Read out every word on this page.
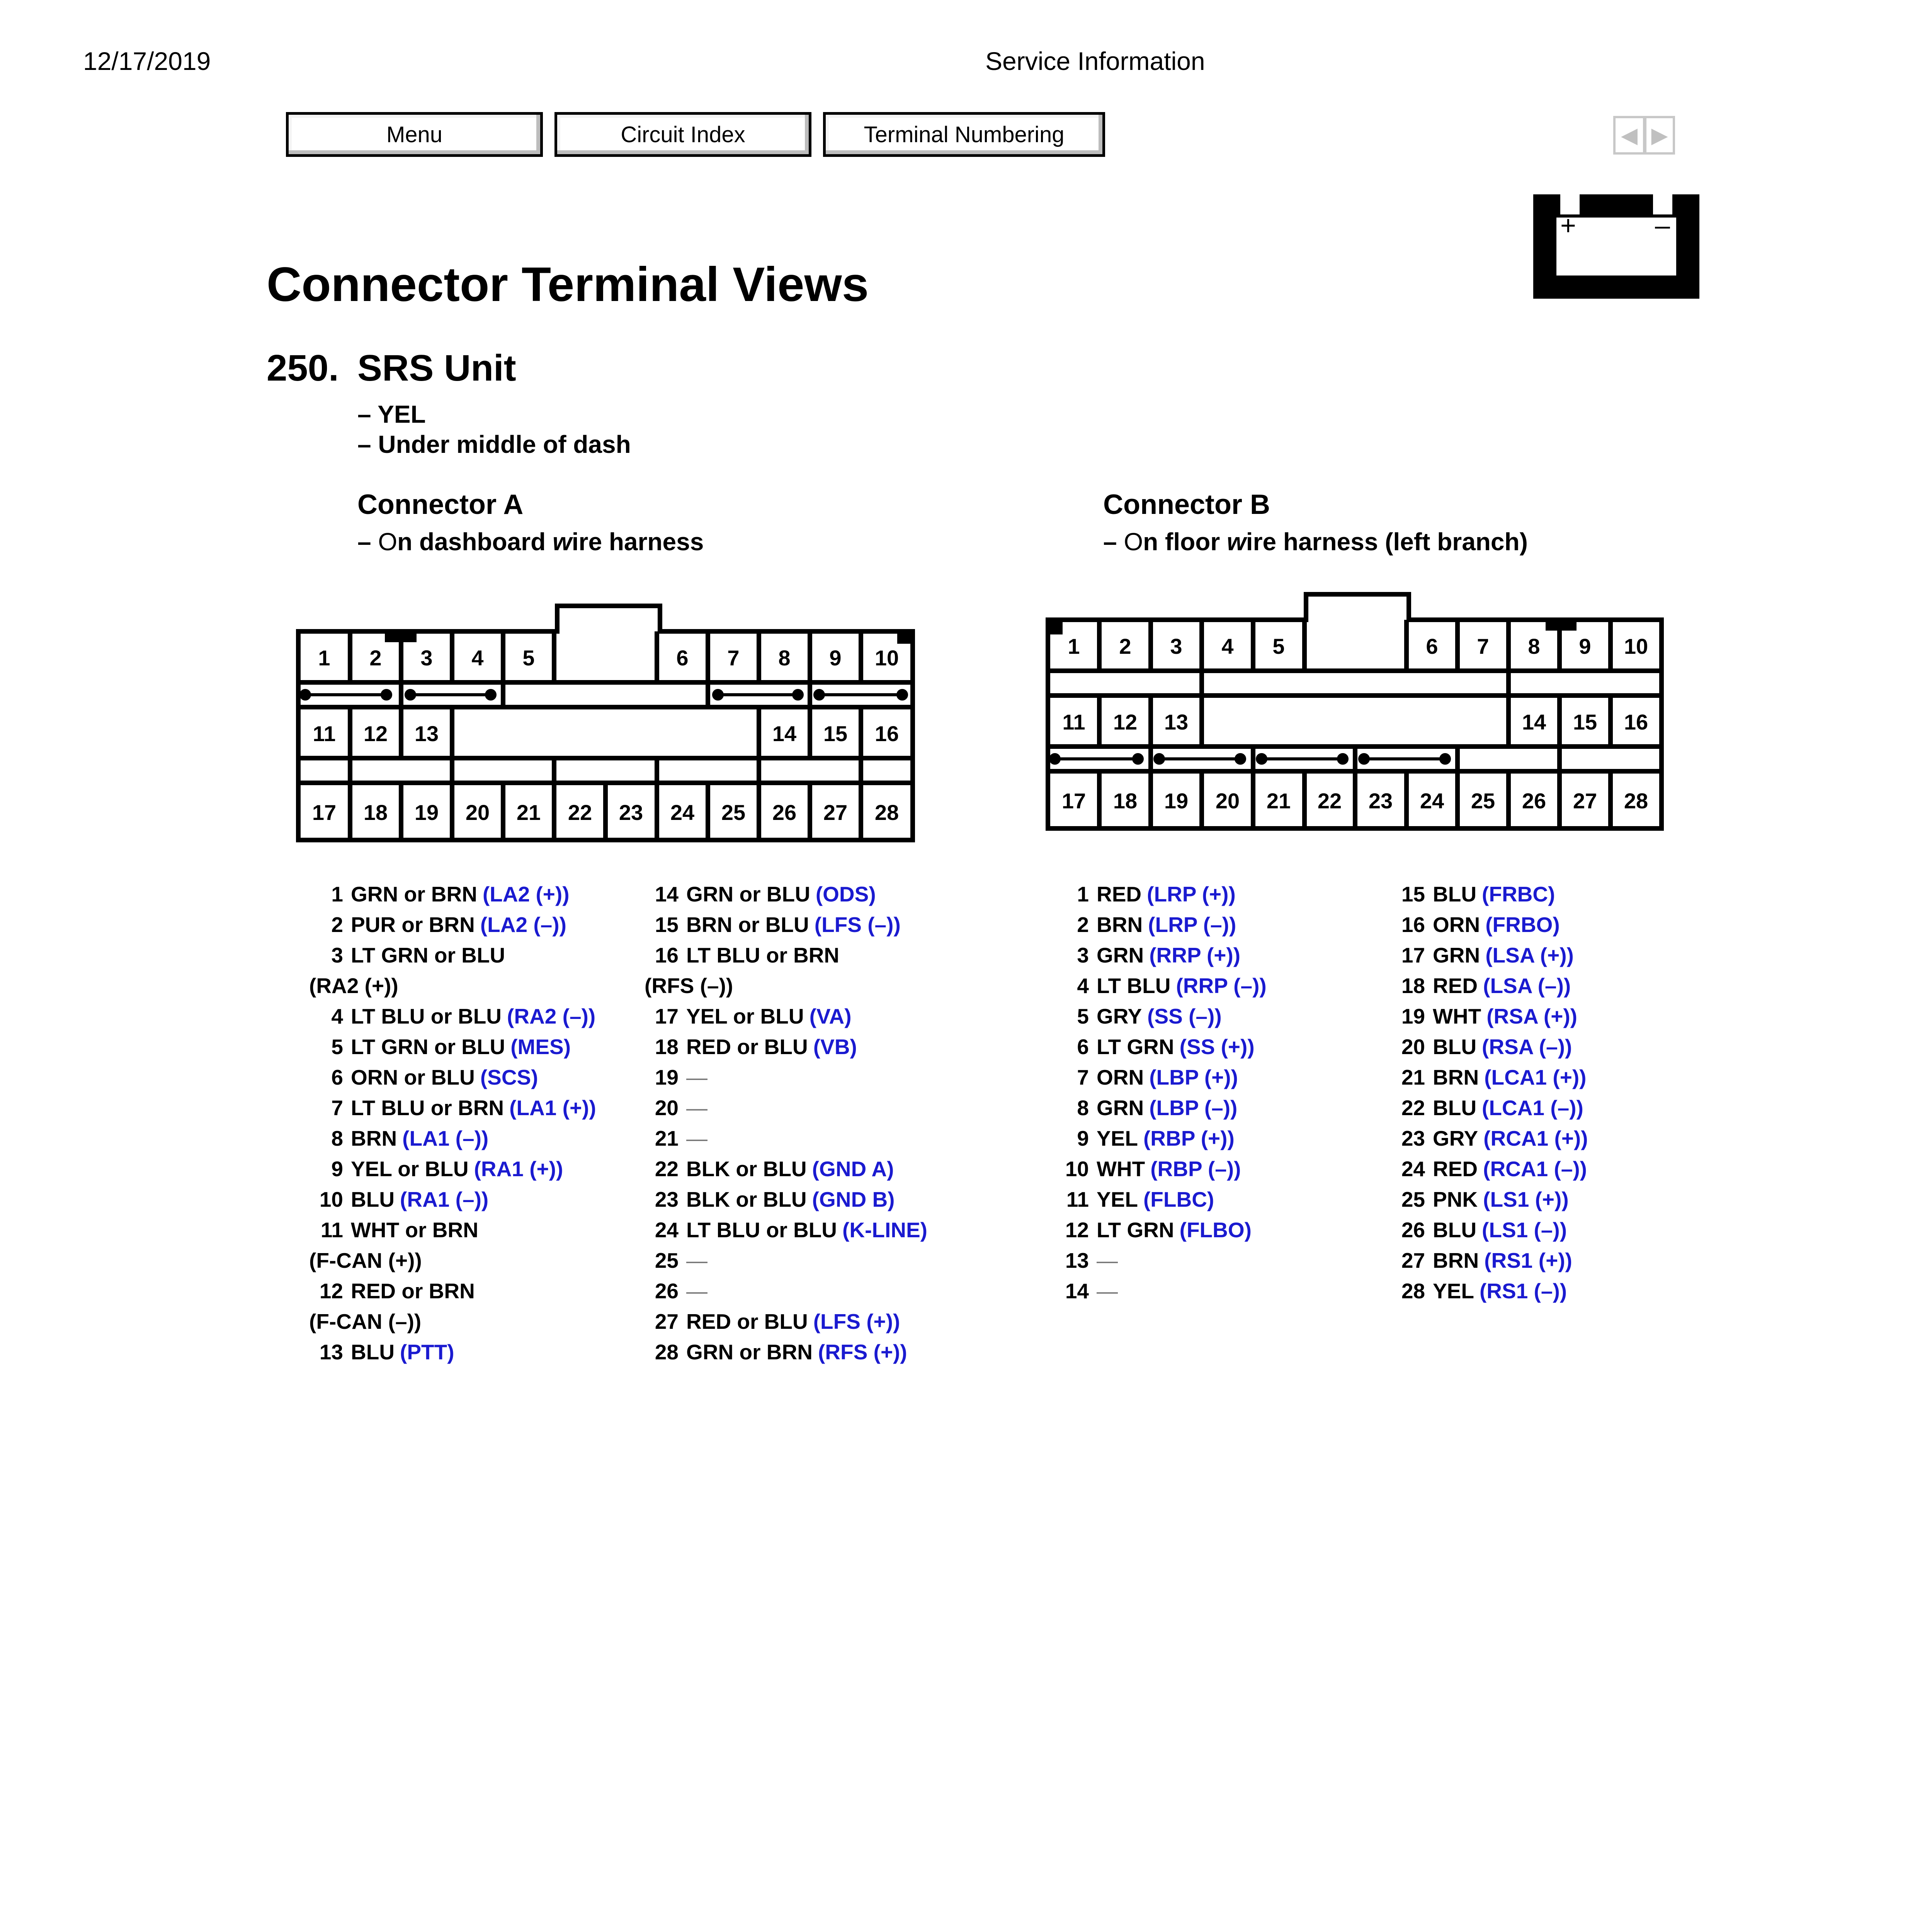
12/17/2019	Service Information
Menu	Circuit Index	Terminal Numbering	◀ ▶
+	–
Connector Terminal Views
250. SRS Unit
– YEL
– Under middle of dash
Connector A
– On dashboard wire harness
Connector B
– On floor wire harness (left branch)
1 2 3 4 5	6 7 8 9 10
11 12 13	14 15 16
17 18 19 20 21 22 23 24 25 26 27 28
1 2 3 4 5	6 7 8 9 10
11 12 13	14 15 16
17 18 19 20 21 22 23 24 25 26 27 28
1 GRN or BRN (LA2 (+))
2 PUR or BRN (LA2 (–))
3 LT GRN or BLU
(RA2 (+))
4 LT BLU or BLU (RA2 (–))
5 LT GRN or BLU (MES)
6 ORN or BLU (SCS)
7 LT BLU or BRN (LA1 (+))
8 BRN (LA1 (–))
9 YEL or BLU (RA1 (+))
10 BLU (RA1 (–))
11 WHT or BRN
(F-CAN (+))
12 RED or BRN
(F-CAN (–))
13 BLU (PTT)
14 GRN or BLU (ODS)
15 BRN or BLU (LFS (–))
16 LT BLU or BRN
(RFS (–))
17 YEL or BLU (VA)
18 RED or BLU (VB)
19 —
20 —
21 —
22 BLK or BLU (GND A)
23 BLK or BLU (GND B)
24 LT BLU or BLU (K-LINE)
25 —
26 —
27 RED or BLU (LFS (+))
28 GRN or BRN (RFS (+))
1 RED (LRP (+))
2 BRN (LRP (–))
3 GRN (RRP (+))
4 LT BLU (RRP (–))
5 GRY (SS (–))
6 LT GRN (SS (+))
7 ORN (LBP (+))
8 GRN (LBP (–))
9 YEL (RBP (+))
10 WHT (RBP (–))
11 YEL (FLBC)
12 LT GRN (FLBO)
13 —
14 —
15 BLU (FRBC)
16 ORN (FRBO)
17 GRN (LSA (+))
18 RED (LSA (–))
19 WHT (RSA (+))
20 BLU (RSA (–))
21 BRN (LCA1 (+))
22 BLU (LCA1 (–))
23 GRY (RCA1 (+))
24 RED (RCA1 (–))
25 PNK (LS1 (+))
26 BLU (LS1 (–))
27 BRN (RS1 (+))
28 YEL (RS1 (–))
